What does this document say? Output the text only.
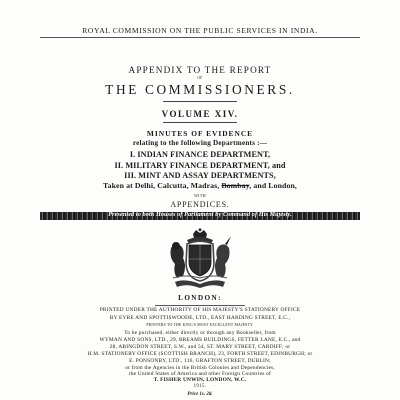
ROYAL COMMISSION ON THE PUBLIC SERVICES IN INDIA.
APPENDIX TO THE REPORT
OF
THE COMMISSIONERS.
VOLUME XIV.
MINUTES OF EVIDENCE
relating to the following Departments :—
I. INDIAN FINANCE DEPARTMENT,
II. MILITARY FINANCE DEPARTMENT, and
III. MINT AND ASSAY DEPARTMENTS,
Taken at Delhi, Calcutta, Madras, Bombay, and London,
WITH
APPENDICES.
Presented to both Houses of Parliament by Command of His Majesty.
LONDON:
PRINTED UNDER THE AUTHORITY OF HIS MAJESTY'S STATIONERY OFFICE
BY EYRE AND SPOTTISWOODE, LTD., EAST HARDING STREET, E.C.,
PRINTERS TO THE KING'S MOST EXCELLENT MAJESTY.
To be purchased, either directly or through any Bookseller, from
WYMAN AND SONS, LTD., 29, BREAMS BUILDINGS, FETTER LANE, E.C., and
28, ABINGDON STREET, S.W., and 54, ST. MARY STREET, CARDIFF; or
H.M. STATIONERY OFFICE (SCOTTISH BRANCH), 23, FORTH STREET, EDINBURGH; or
E. PONSONBY, LTD., 116, GRAFTON STREET, DUBLIN;
or from the Agencies in the British Colonies and Dependencies,
the United States of America and other Foreign Countries of
T. FISHER UNWIN, LONDON, W.C.
1915.
Price 1s. 2d.
